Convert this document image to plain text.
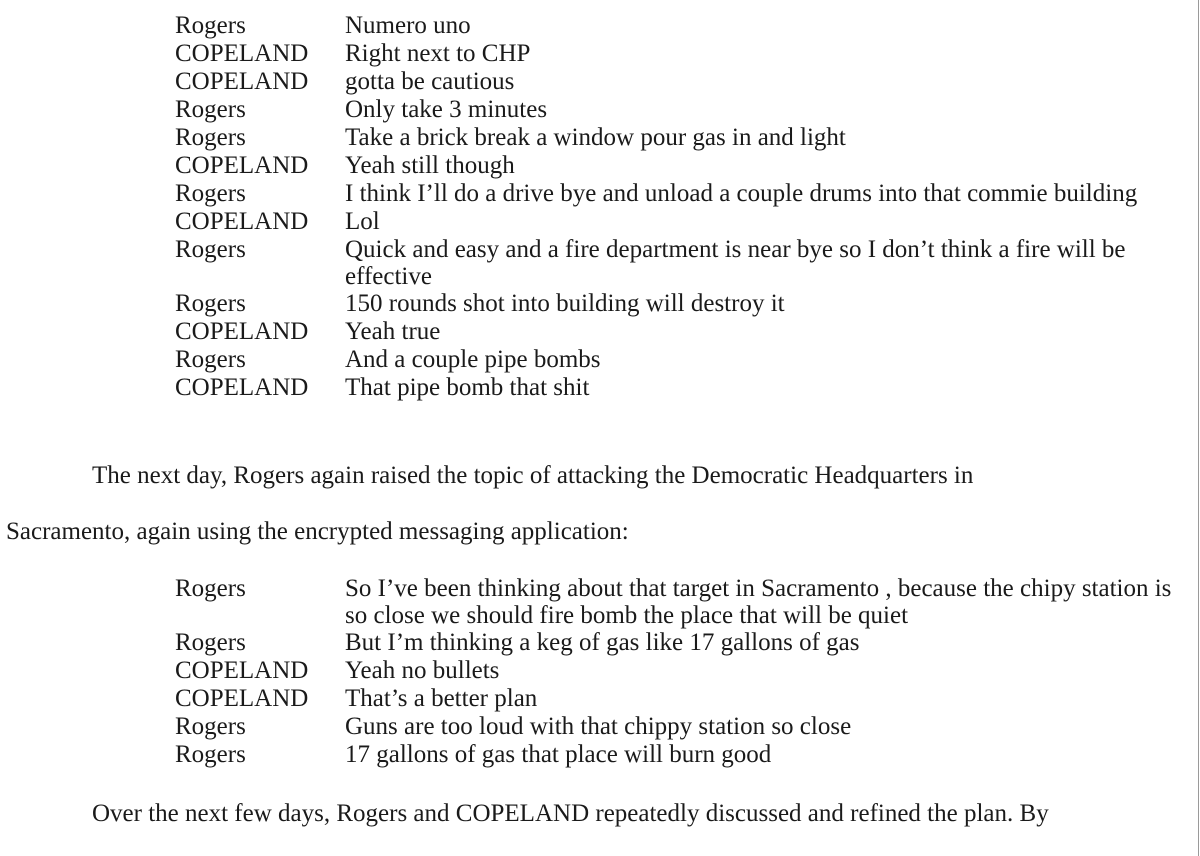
Rogers	Numero uno
COPELAND	Right next to CHP
COPELAND	gotta be cautious
Rogers	Only take 3 minutes
Rogers	Take a brick break a window pour gas in and light
COPELAND	Yeah still though
Rogers	I think I’ll do a drive bye and unload a couple drums into that commie building
COPELAND	Lol
Rogers	Quick and easy and a fire department is near bye so I don’t think a fire will be effective
Rogers	150 rounds shot into building will destroy it
COPELAND	Yeah true
Rogers	And a couple pipe bombs
COPELAND	That pipe bomb that shit
The next day, Rogers again raised the topic of attacking the Democratic Headquarters in
Sacramento, again using the encrypted messaging application:
Rogers	So I’ve been thinking about that target in Sacramento , because the chipy station is so close we should fire bomb the place that will be quiet
Rogers	But I’m thinking a keg of gas like 17 gallons of gas
COPELAND	Yeah no bullets
COPELAND	That’s a better plan
Rogers	Guns are too loud with that chippy station so close
Rogers	17 gallons of gas that place will burn good
Over the next few days, Rogers and COPELAND repeatedly discussed and refined the plan. By
